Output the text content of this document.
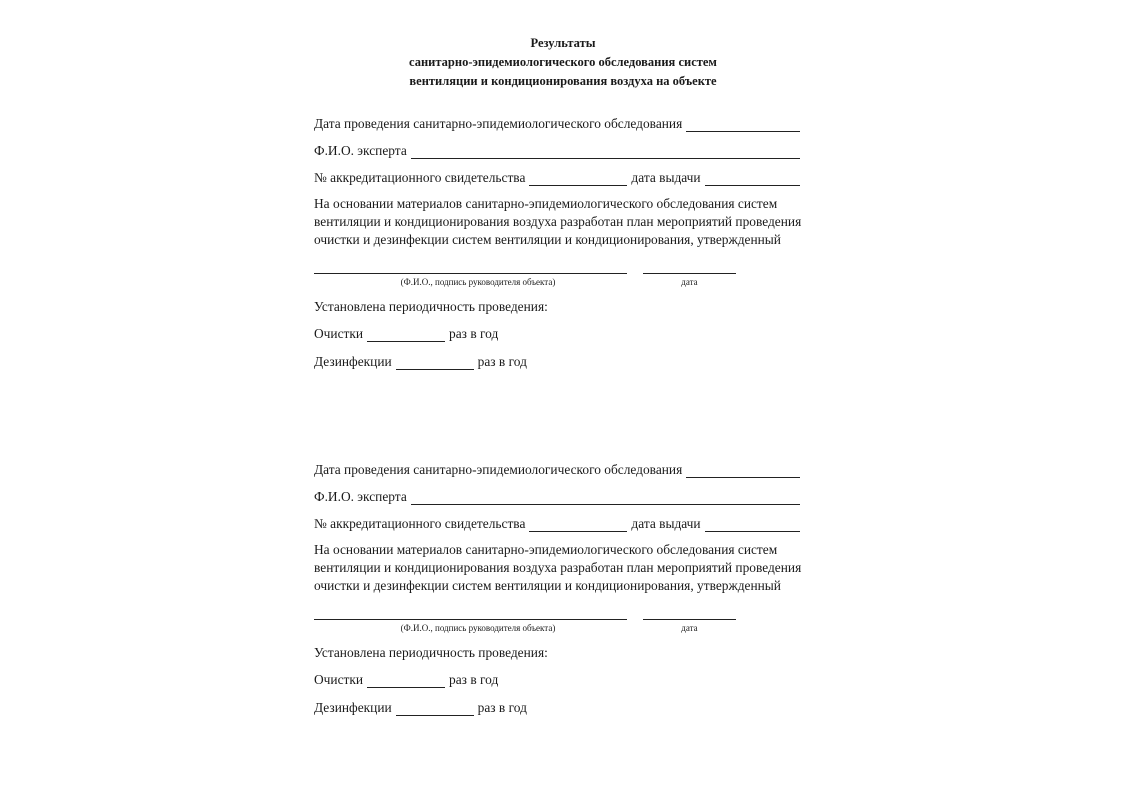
Результаты
санитарно-эпидемиологического обследования систем
вентиляции и кондиционирования воздуха на объекте
Дата проведения санитарно-эпидемиологического обследования
Ф.И.О. эксперта
№ аккредитационного свидетельства	дата выдачи
На основании материалов санитарно-эпидемиологического обследования систем
вентиляции и кондиционирования воздуха разработан план мероприятий проведения
очистки и дезинфекции систем вентиляции и кондиционирования, утвержденный
(Ф.И.О., подпись руководителя объекта)	дата
Установлена периодичность проведения:
Очистки	раз в год
Дезинфекции	раз в год
Дата проведения санитарно-эпидемиологического обследования
Ф.И.О. эксперта
№ аккредитационного свидетельства	дата выдачи
На основании материалов санитарно-эпидемиологического обследования систем
вентиляции и кондиционирования воздуха разработан план мероприятий проведения
очистки и дезинфекции систем вентиляции и кондиционирования, утвержденный
(Ф.И.О., подпись руководителя объекта)	дата
Установлена периодичность проведения:
Очистки	раз в год
Дезинфекции	раз в год
